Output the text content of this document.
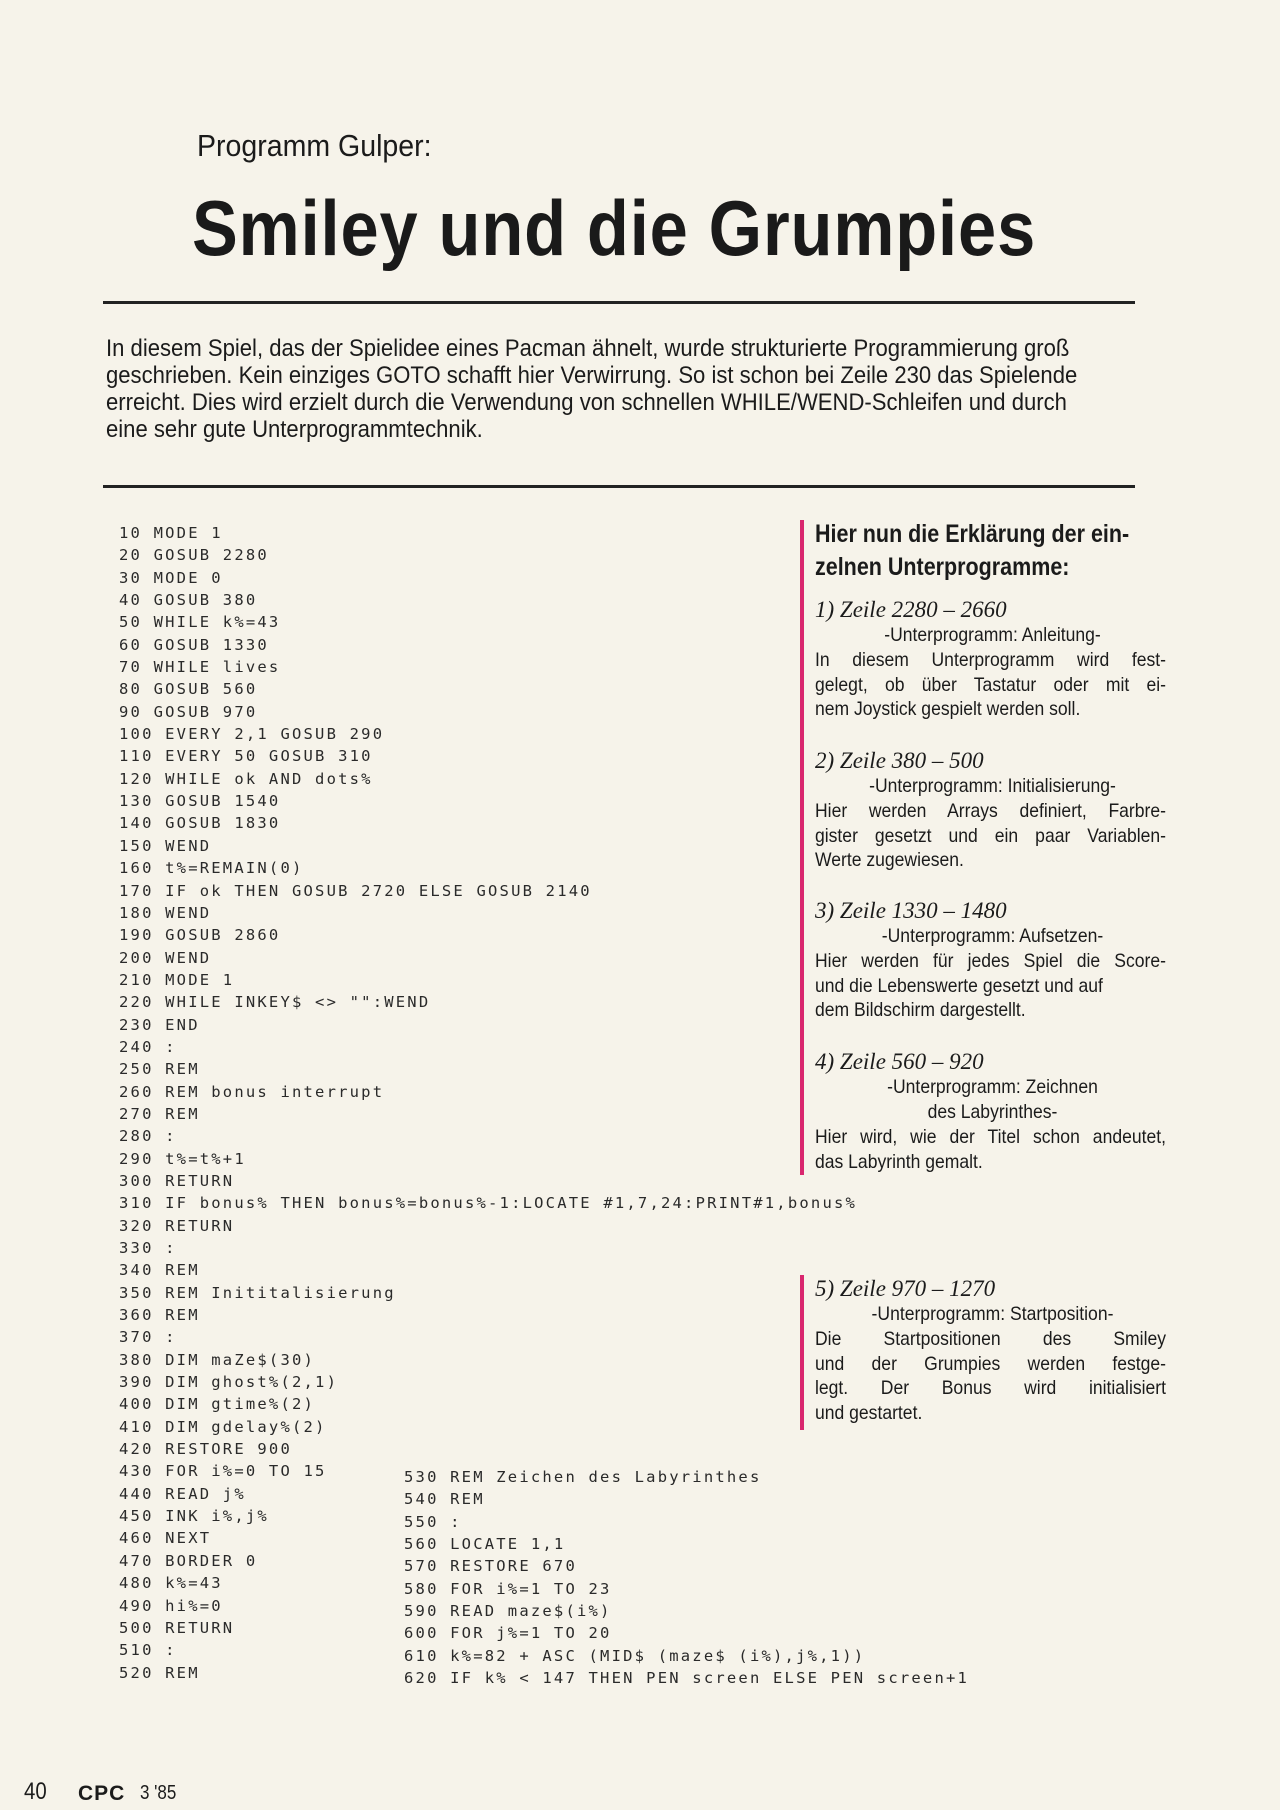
Programm Gulper:
Smiley und die Grumpies
In diesem Spiel, das der Spielidee eines Pacman ähnelt, wurde strukturierte Programmierung groß
geschrieben. Kein einziges GOTO schafft hier Verwirrung. So ist schon bei Zeile 230 das Spielende
erreicht. Dies wird erzielt durch die Verwendung von schnellen WHILE/WEND-Schleifen und durch
eine sehr gute Unterprogrammtechnik.
10 MODE 1
20 GOSUB 2280
30 MODE 0
40 GOSUB 380
50 WHILE k%=43
60 GOSUB 1330
70 WHILE lives
80 GOSUB 560
90 GOSUB 970
100 EVERY 2,1 GOSUB 290
110 EVERY 50 GOSUB 310
120 WHILE ok AND dots%
130 GOSUB 1540
140 GOSUB 1830
150 WEND
160 t%=REMAIN(0)
170 IF ok THEN GOSUB 2720 ELSE GOSUB 2140
180 WEND
190 GOSUB 2860
200 WEND
210 MODE 1
220 WHILE INKEY$ <> "":WEND
230 END
240 :
250 REM
260 REM bonus interrupt
270 REM
280 :
290 t%=t%+1
300 RETURN
310 IF bonus% THEN bonus%=bonus%-1:LOCATE #1,7,24:PRINT#1,bonus%
320 RETURN
330 :
340 REM
350 REM Inititalisierung
360 REM
370 :
380 DIM maZe$(30)
390 DIM ghost%(2,1)
400 DIM gtime%(2)
410 DIM gdelay%(2)
420 RESTORE 900
430 FOR i%=0 TO 15
440 READ j%
450 INK i%,j%
460 NEXT
470 BORDER 0
480 k%=43
490 hi%=0
500 RETURN
510 :
520 REM
530 REM Zeichen des Labyrinthes
540 REM
550 :
560 LOCATE 1,1
570 RESTORE 670
580 FOR i%=1 TO 23
590 READ maze$(i%)
600 FOR j%=1 TO 20
610 k%=82 + ASC (MID$ (maze$ (i%),j%,1))
620 IF k% < 147 THEN PEN screen ELSE PEN screen+1
Hier nun die Erklärung der ein-
zelnen Unterprogramme:
1) Zeile 2280 – 2660
-Unterprogramm: Anleitung-
In diesem Unterprogramm wird fest-
gelegt, ob über Tastatur oder mit ei-
nem Joystick gespielt werden soll.
2) Zeile 380 – 500
-Unterprogramm: Initialisierung-
Hier werden Arrays definiert, Farbre-
gister gesetzt und ein paar Variablen-
Werte zugewiesen.
3) Zeile 1330 – 1480
-Unterprogramm: Aufsetzen-
Hier werden für jedes Spiel die Score-
und die Lebenswerte gesetzt und auf
dem Bildschirm dargestellt.
4) Zeile 560 – 920
-Unterprogramm: Zeichnen
des Labyrinthes-
Hier wird, wie der Titel schon andeutet,
das Labyrinth gemalt.
5) Zeile 970 – 1270
-Unterprogramm: Startposition-
Die Startpositionen des Smiley
und der Grumpies werden festge-
legt. Der Bonus wird initialisiert
und gestartet.
40 CPC 3 '85
